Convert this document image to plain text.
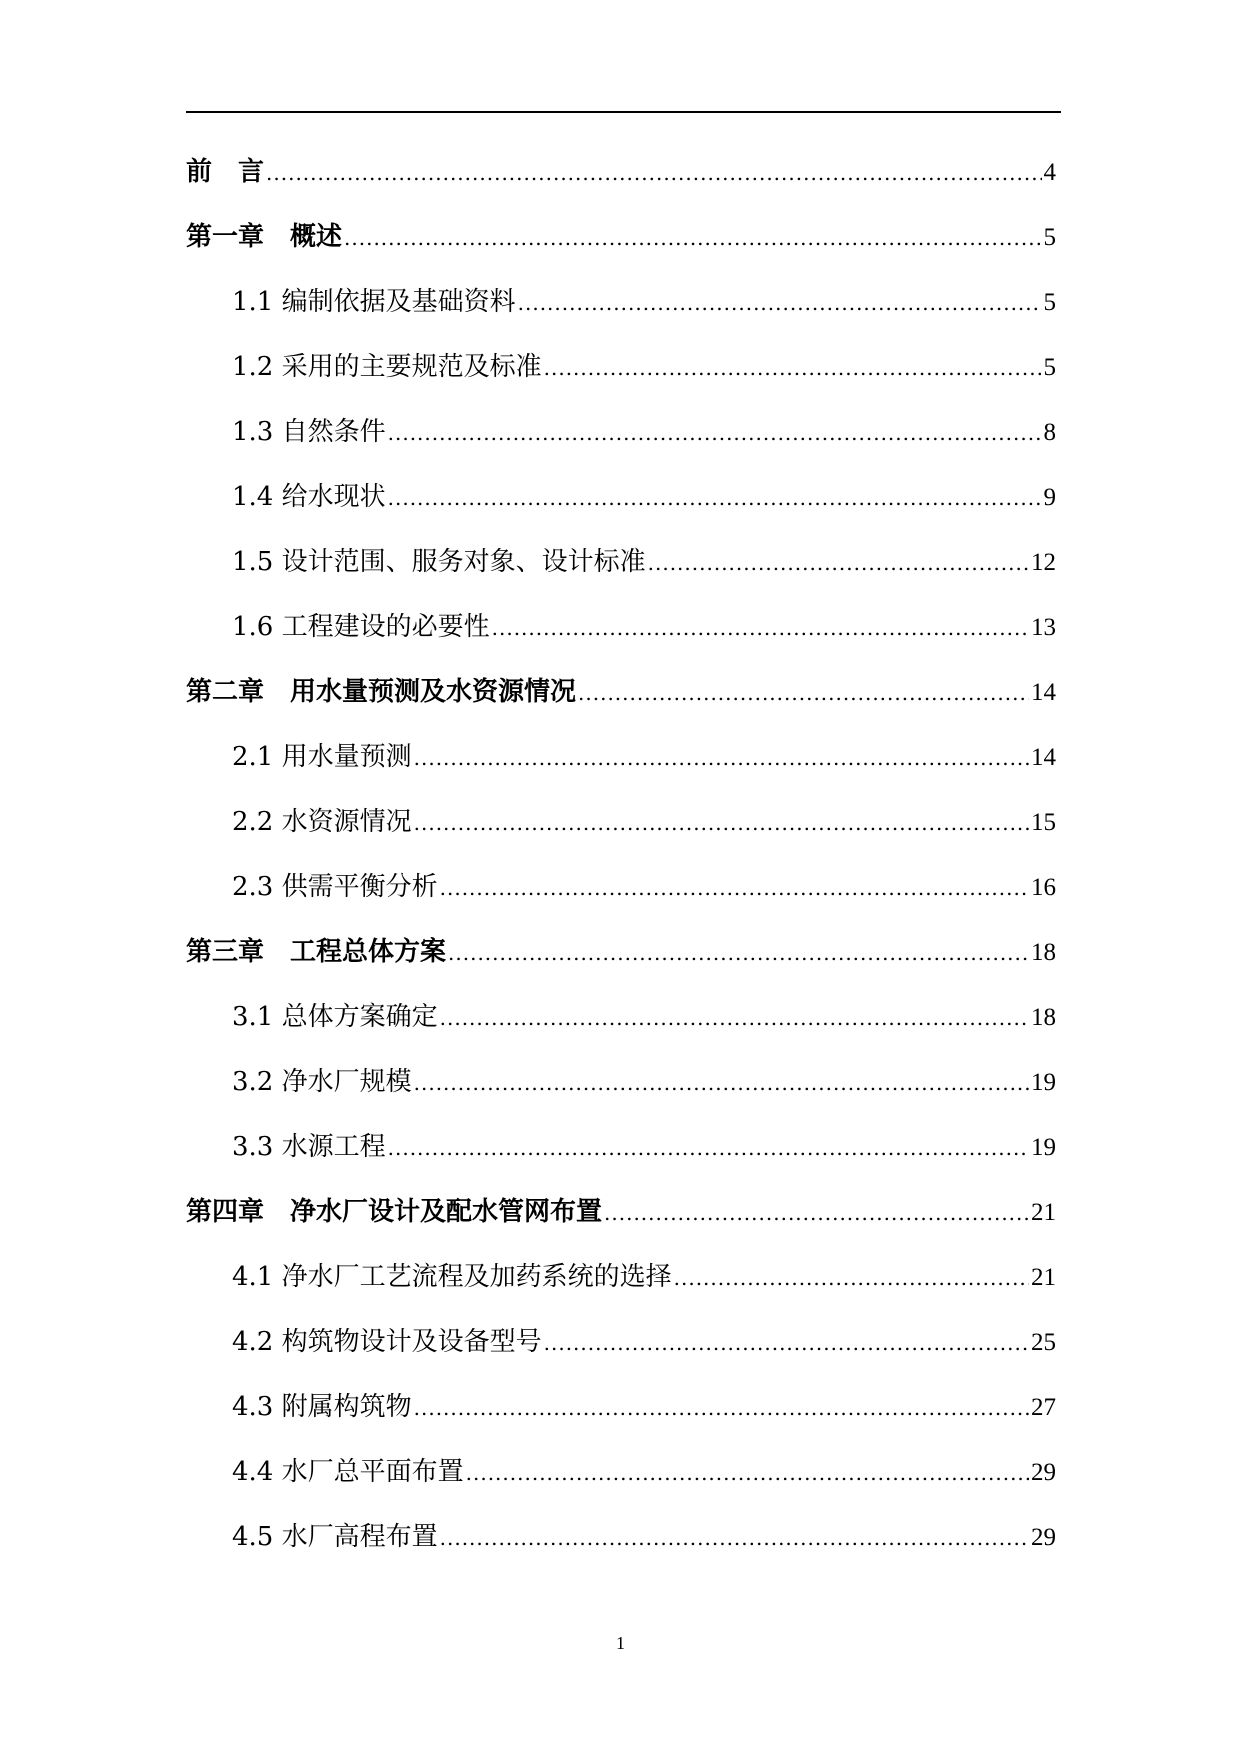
前　言 .....	4
第一章　概述 .....	5
1.1 编制依据及基础资料 .....	5
1.2 采用的主要规范及标准 .....	5
1.3 自然条件 .....	8
1.4 给水现状 .....	9
1.5 设计范围、服务对象、设计标准 .....	12
1.6 工程建设的必要性 .....	13
第二章　用水量预测及水资源情况 .....	14
2.1 用水量预测 .....	14
2.2 水资源情况 .....	15
2.3 供需平衡分析 .....	16
第三章　工程总体方案 .....	18
3.1 总体方案确定 .....	18
3.2 净水厂规模 .....	19
3.3 水源工程 .....	19
第四章　净水厂设计及配水管网布置 .....	21
4.1 净水厂工艺流程及加药系统的选择 .....	21
4.2 构筑物设计及设备型号 .....	25
4.3 附属构筑物 .....	27
4.4 水厂总平面布置 .....	29
4.5 水厂高程布置 .....	29
1
